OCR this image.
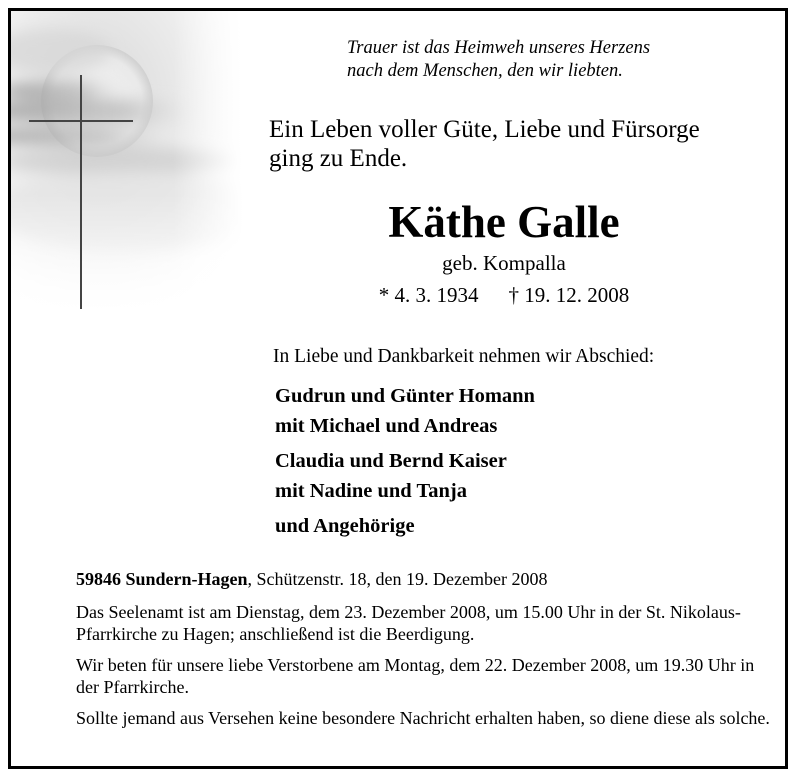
Trauer ist das Heimweh unseres Herzens
nach dem Menschen, den wir liebten.
Ein Leben voller Güte, Liebe und Fürsorge
ging zu Ende.
Käthe Galle
geb. Kompalla
* 4. 3. 1934 † 19. 12. 2008
In Liebe und Dankbarkeit nehmen wir Abschied:
Gudrun und Günter Homann
mit Michael und Andreas
Claudia und Bernd Kaiser
mit Nadine und Tanja
und Angehörige
59846 Sundern-Hagen, Schützenstr. 18, den 19. Dezember 2008
Das Seelenamt ist am Dienstag, dem 23. Dezember 2008, um 15.00 Uhr in der St. Nikolaus-Pfarrkirche zu Hagen; anschließend ist die Beerdigung.
Wir beten für unsere liebe Verstorbene am Montag, dem 22. Dezember 2008, um 19.30 Uhr in der Pfarrkirche.
Sollte jemand aus Versehen keine besondere Nachricht erhalten haben, so diene diese als solche.
